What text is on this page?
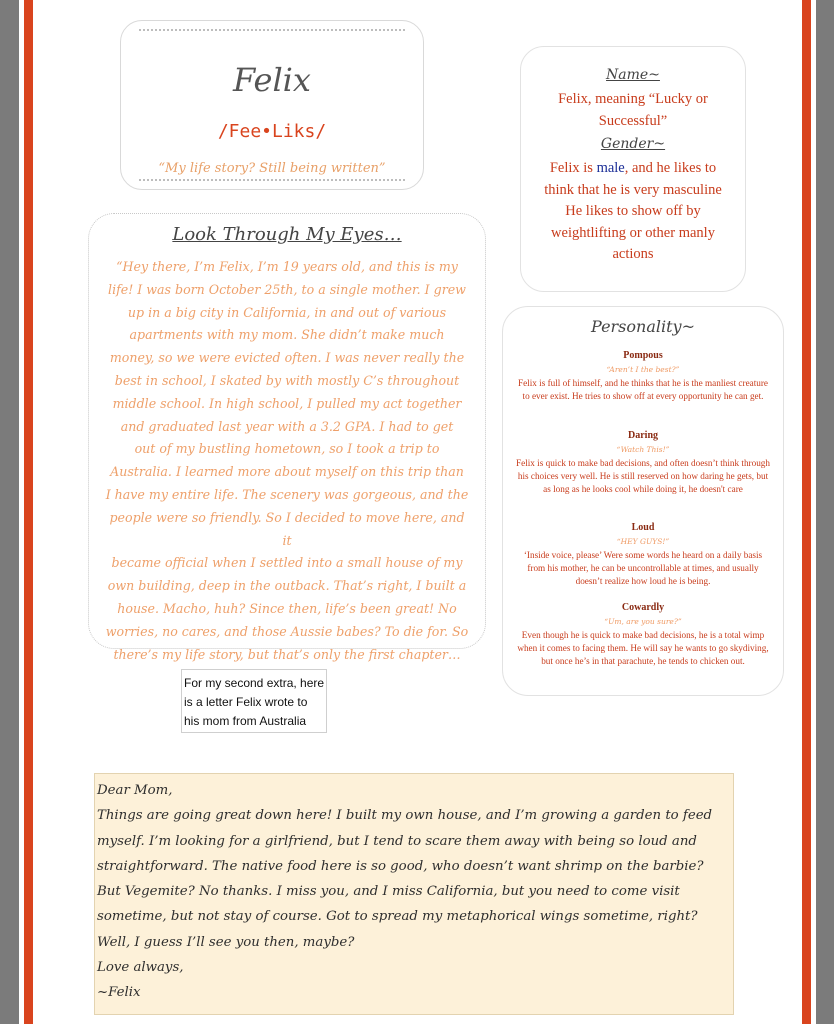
Felix
/Fee•Liks/
“My life story? Still being written”
Look Through My Eyes…
“Hey there, I’m Felix, I’m 19 years old, and this is my
life! I was born October 25th, to a single mother. I grew
up in a big city in California, in and out of various
apartments with my mom. She didn’t make much
money, so we were evicted often. I was never really the
best in school, I skated by with mostly C’s throughout
middle school. In high school, I pulled my act together
and graduated last year with a 3.2 GPA. I had to get
out of my bustling hometown, so I took a trip to
Australia. I learned more about myself on this trip than
I have my entire life. The scenery was gorgeous, and the
people were so friendly. So I decided to move here, and it
became official when I settled into a small house of my
own building, deep in the outback. That’s right, I built a
house. Macho, huh? Since then, life’s been great! No
worries, no cares, and those Aussie babes? To die for. So
there’s my life story, but that’s only the first chapter…
For my second extra, here
is a letter Felix wrote to
his mom from Australia
Name~
Felix, meaning “Lucky or
Successful”
Gender~
Felix is male, and he likes to
think that he is very masculine
He likes to show off by
weightlifting or other manly
actions
Personality~
Pompous
“Aren’t I the best?”
Felix is full of himself, and he thinks that he is the manliest creature to ever exist. He tries to show off at every opportunity he can get.
Daring
“Watch This!”
Felix is quick to make bad decisions, and often doesn’t think through his choices very well. He is still reserved on how daring he gets, but as long as he looks cool while doing it, he doesn't care
Loud
“HEY GUYS!”
‘Inside voice, please’ Were some words he heard on a daily basis from his mother, he can be uncontrollable at times, and usually doesn’t realize how loud he is being.
Cowardly
“Um, are you sure?”
Even though he is quick to make bad decisions, he is a total wimp when it comes to facing them. He will say he wants to go skydiving, but once he’s in that parachute, he tends to chicken out.
Dear Mom,
Things are going great down here! I built my own house, and I’m growing a garden to feed
myself. I’m looking for a girlfriend, but I tend to scare them away with being so loud and
straightforward. The native food here is so good, who doesn’t want shrimp on the barbie?
But Vegemite? No thanks. I miss you, and I miss California, but you need to come visit
sometime, but not stay of course. Got to spread my metaphorical wings sometime, right?
Well, I guess I’ll see you then, maybe?
Love always,
~Felix
